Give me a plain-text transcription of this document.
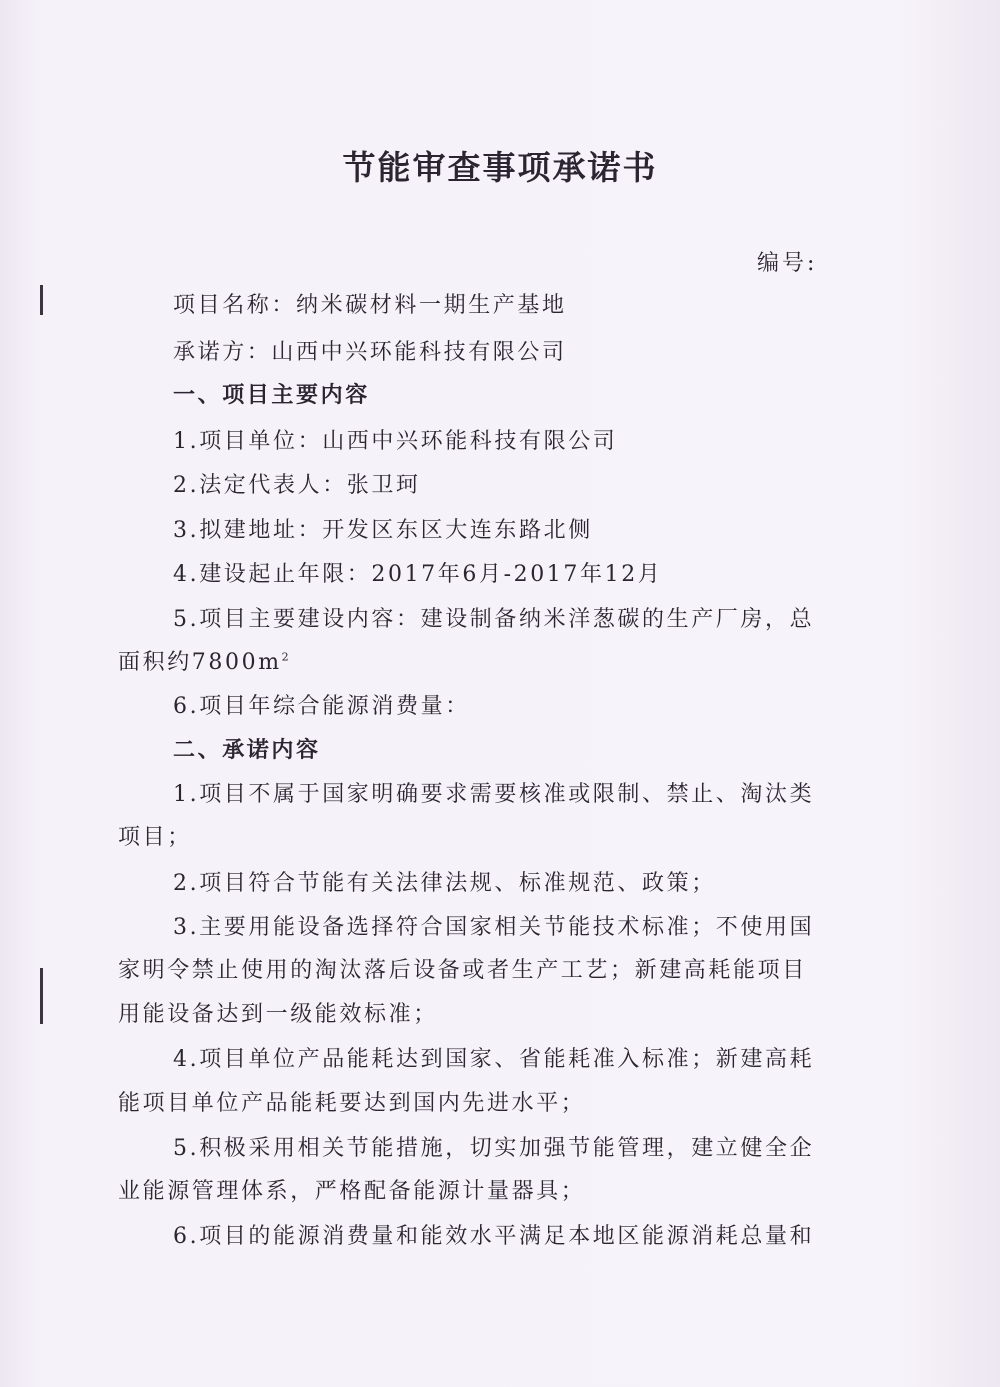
节能审查事项承诺书
编号:
项目名称：纳米碳材料一期生产基地
承诺方：山西中兴环能科技有限公司
一、项目主要内容
1.项目单位：山西中兴环能科技有限公司
2.法定代表人：张卫珂
3.拟建地址：开发区东区大连东路北侧
4.建设起止年限：2017年6月-2017年12月
5.项目主要建设内容：建设制备纳米洋葱碳的生产厂房，总
面积约$7800m^2$
6.项目年综合能源消费量：
二、承诺内容
1.项目不属于国家明确要求需要核准或限制、禁止、淘汰类
项目；
2.项目符合节能有关法律法规、标准规范、政策；
3.主要用能设备选择符合国家相关节能技术标准；不使用国
家明令禁止使用的淘汰落后设备或者生产工艺；新建高耗能项目
用能设备达到一级能效标准；
4.项目单位产品能耗达到国家、省能耗准入标准；新建高耗
能项目单位产品能耗要达到国内先进水平；
5.积极采用相关节能措施，切实加强节能管理，建立健全企
业能源管理体系，严格配备能源计量器具；
6.项目的能源消费量和能效水平满足本地区能源消耗总量和
